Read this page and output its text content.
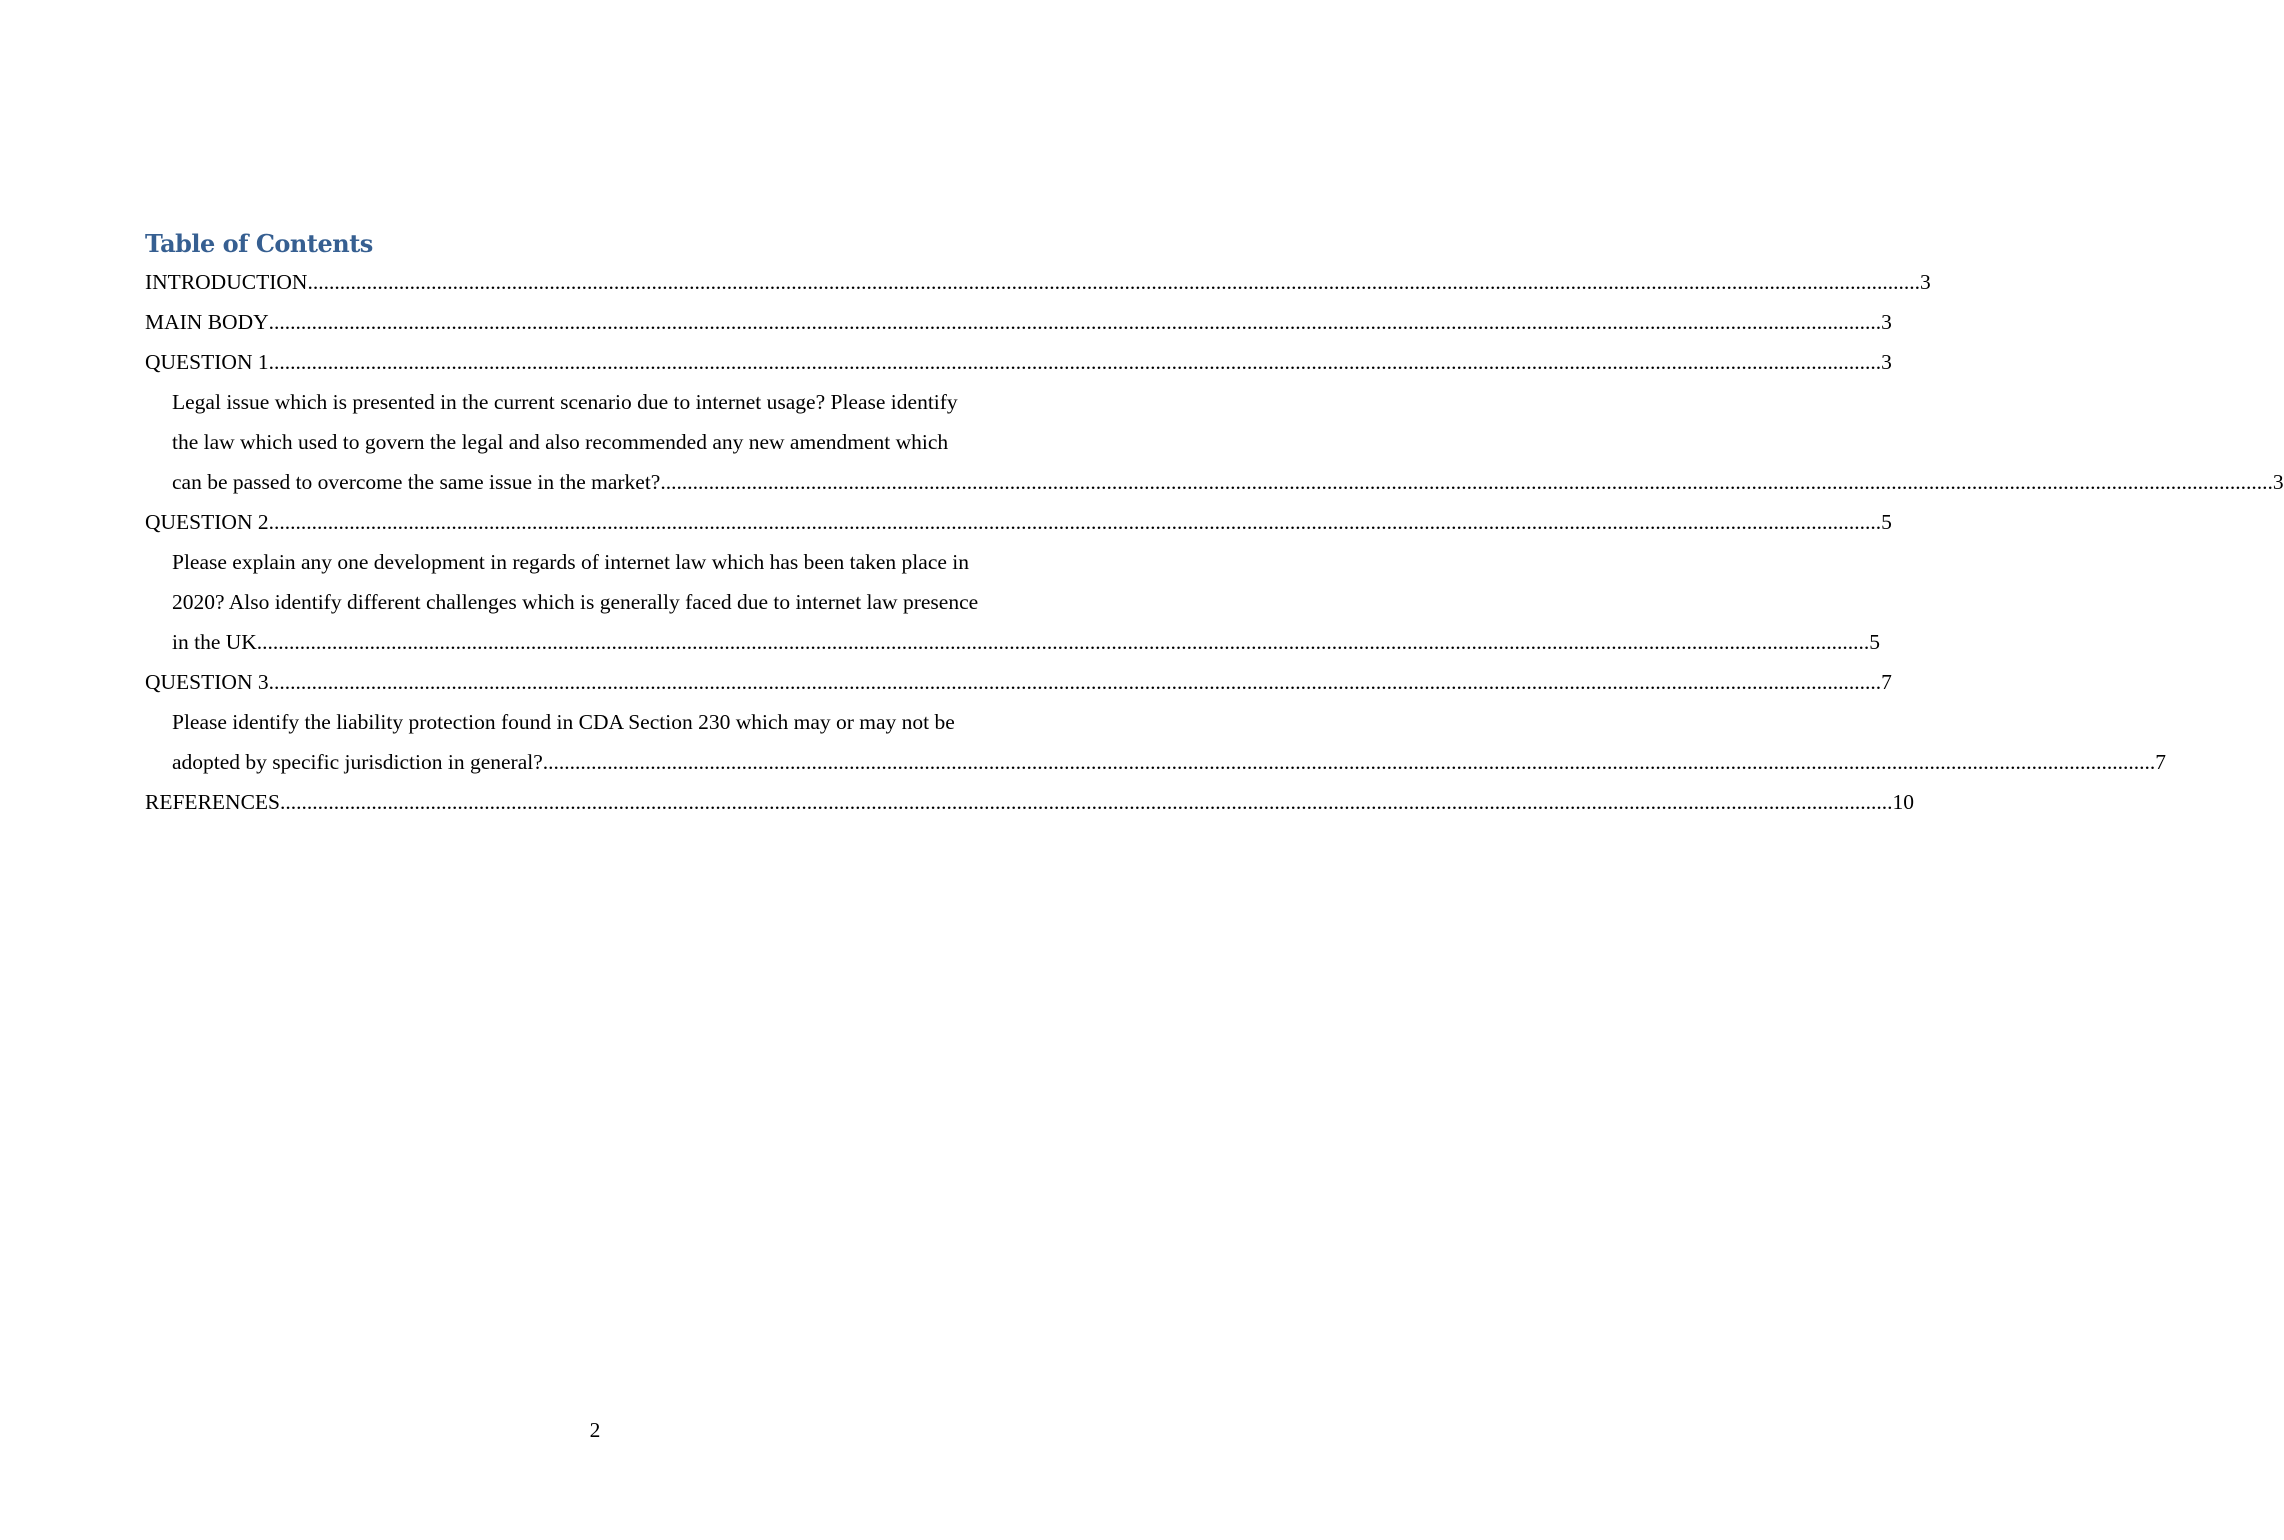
Table of Contents
INTRODUCTION ............................................................................................................................................................................................................................................................................................................ 3
MAIN BODY ............................................................................................................................................................................................................................................................................................................ 3
QUESTION 1 ............................................................................................................................................................................................................................................................................................................ 3
Legal issue which is presented in the current scenario due to internet usage? Please identify the law which used to govern the legal and also recommended any new amendment which
can be passed to overcome the same issue in the market? ............................................................................................................................................................................................................................................................................................................ 3
QUESTION 2 ............................................................................................................................................................................................................................................................................................................ 5
Please explain any one development in regards of internet law which has been taken place in 2020? Also identify different challenges which is generally faced due to internet law presence
in the UK ............................................................................................................................................................................................................................................................................................................ 5
QUESTION 3 ............................................................................................................................................................................................................................................................................................................ 7
Please identify the liability protection found in CDA Section 230 which may or may not be
adopted by specific jurisdiction in general? ............................................................................................................................................................................................................................................................................................................ 7
REFERENCES ............................................................................................................................................................................................................................................................................................................ 10
2
